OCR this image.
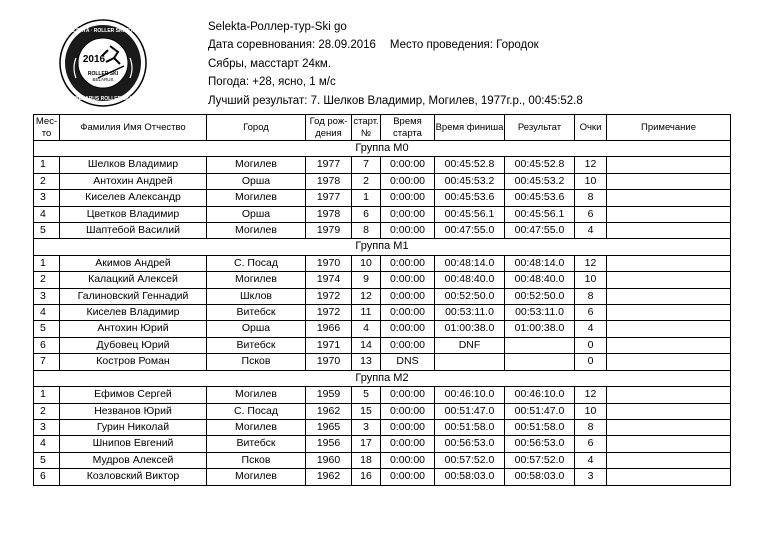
SELEKTA · ROLLER SKI TOUR
BELARUS ROLLER SKI
2016
ROLLER SKI
BELARUS
Selekta-Роллер-тур-Ski go
Дата соревнования: 28.09.2016 Место проведения: Городок
Сябры, масстарт 24км.
Погода: +28, ясно, 1 м/с
Лучший результат: 7. Шелков Владимир, Могилев, 1977г.р., 00:45:52.8
Мес-то	Фамилия Имя Отчество	Город	Год рож-дения	старт. №	Время старта	Время финиша	Результат	Очки	Примечание
Группа М0									
1	Шелков Владимир	Могилев	1977	7	0:00:00	00:45:52.8	00:45:52.8	12	
2	Антохин Андрей	Орша	1978	2	0:00:00	00:45:53.2	00:45:53.2	10	
3	Киселев Александр	Могилев	1977	1	0:00:00	00:45:53.6	00:45:53.6	8	
4	Цветков Владимир	Орша	1978	6	0:00:00	00:45:56.1	00:45:56.1	6	
5	Шаптебой Василий	Могилев	1979	8	0:00:00	00:47:55.0	00:47:55.0	4	
Группа М1									
1	Акимов Андрей	С. Посад	1970	10	0:00:00	00:48:14.0	00:48:14.0	12	
2	Калацкий Алексей	Могилев	1974	9	0:00:00	00:48:40.0	00:48:40.0	10	
3	Галиновский Геннадий	Шклов	1972	12	0:00:00	00:52:50.0	00:52:50.0	8	
4	Киселев Владимир	Витебск	1972	11	0:00:00	00:53:11.0	00:53:11.0	6	
5	Антохин Юрий	Орша	1966	4	0:00:00	01:00:38.0	01:00:38.0	4	
6	Дубовец Юрий	Витебск	1971	14	0:00:00	DNF		0	
7	Костров Роман	Псков	1970	13	DNS			0	
Группа М2									
1	Ефимов Сергей	Могилев	1959	5	0:00:00	00:46:10.0	00:46:10.0	12	
2	Незванов Юрий	С. Посад	1962	15	0:00:00	00:51:47.0	00:51:47.0	10	
3	Гурин Николай	Могилев	1965	3	0:00:00	00:51:58.0	00:51:58.0	8	
4	Шнипов Евгений	Витебск	1956	17	0:00:00	00:56:53.0	00:56:53.0	6	
5	Мудров Алексей	Псков	1960	18	0:00:00	00:57:52.0	00:57:52.0	4	
6	Козловский Виктор	Могилев	1962	16	0:00:00	00:58:03.0	00:58:03.0	3	
